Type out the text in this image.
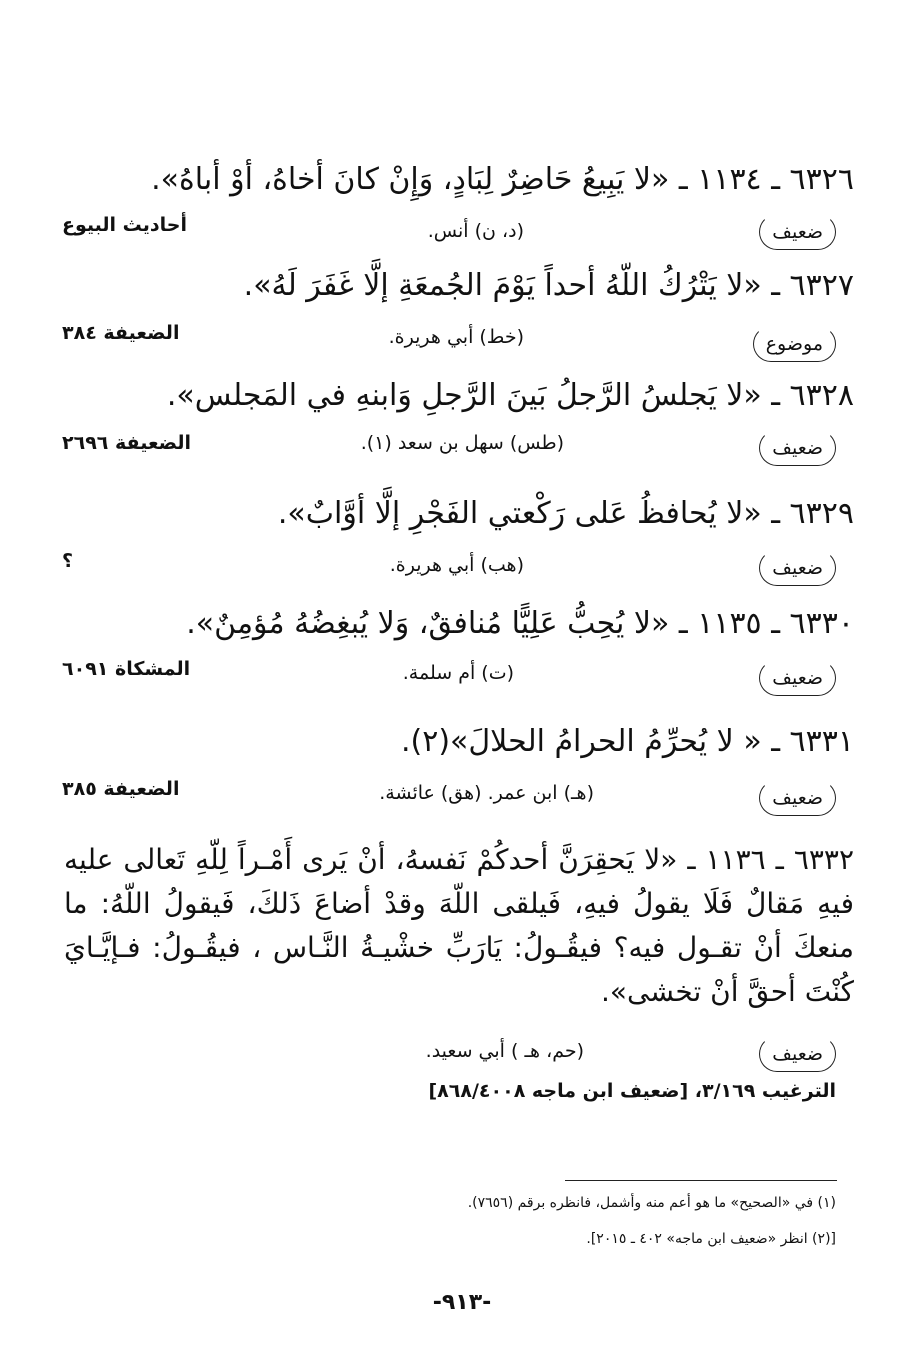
٦٣٢٦ ـ ١١٣٤ ـ «لا يَبِيعُ حَاضِرٌ لِبَادٍ، وَإِنْ كانَ أخاهُ، أوْ أباهُ».
ضعيف
(د، ن) أنس.
أحاديث البيوع
٦٣٢٧ ـ «لا يَتْرُكُ اللّهُ أحداً يَوْمَ الجُمعَةِ إلَّا غَفَرَ لَهُ».
موضوع
(خط) أبي هريرة.
الضعيفة ٣٨٤
٦٣٢٨ ـ «لا يَجلسُ الرَّجلُ بَينَ الرَّجلِ وَابنهِ في المَجلس».
ضعيف
(طس) سهل بن سعد (١).
الضعيفة ٢٦٩٦
٦٣٢٩ ـ «لا يُحافظُ عَلى رَكْعتي الفَجْرِ إلَّا أوَّابٌ».
ضعيف
(هب) أبي هريرة.
؟
٦٣٣٠ ـ ١١٣٥ ـ «لا يُحِبُّ عَلِيًّا مُنافقٌ، وَلا يُبغِضُهُ مُؤمِنٌ».
ضعيف
(ت) أم سلمة.
المشكاة ٦٠٩١
٦٣٣١ ـ « لا يُحرِّمُ الحرامُ الحلالَ»(٢).
ضعيف
(هـ) ابن عمر. (هق) عائشة.
الضعيفة ٣٨٥
٦٣٣٢ ـ ١١٣٦ ـ «لا يَحقِرَنَّ أحدكُمْ نَفسهُ، أنْ يَرى أَمْـراً لِلّهِ تَعالى عليه فيهِ مَقالٌ فَلَا يقولُ فيهِ، فَيلقى اللّهَ وقدْ أضاعَ ذَلكَ، فَيقولُ اللّهُ: ما منعكَ أنْ تقـول فيه؟ فيقُـولُ: يَارَبِّ خشْيـةُ النَّـاس ، فيقُـولُ: فـإيَّـايَ كُنْتَ أحقَّ أنْ تخشى».
ضعيف
(حم، هـ ) أبي سعيد.
الترغيب ٣/١٦٩، [ضعيف ابن ماجه ٨٦٨/٤٠٠٨]
(١) في «الصحيح» ما هو أعم منه وأشمل، فانظره برقم (٧٦٥٦).
[(٢) انظر «ضعيف ابن ماجه» ٤٠٢ ـ ٢٠١٥].
-٩١٣-
